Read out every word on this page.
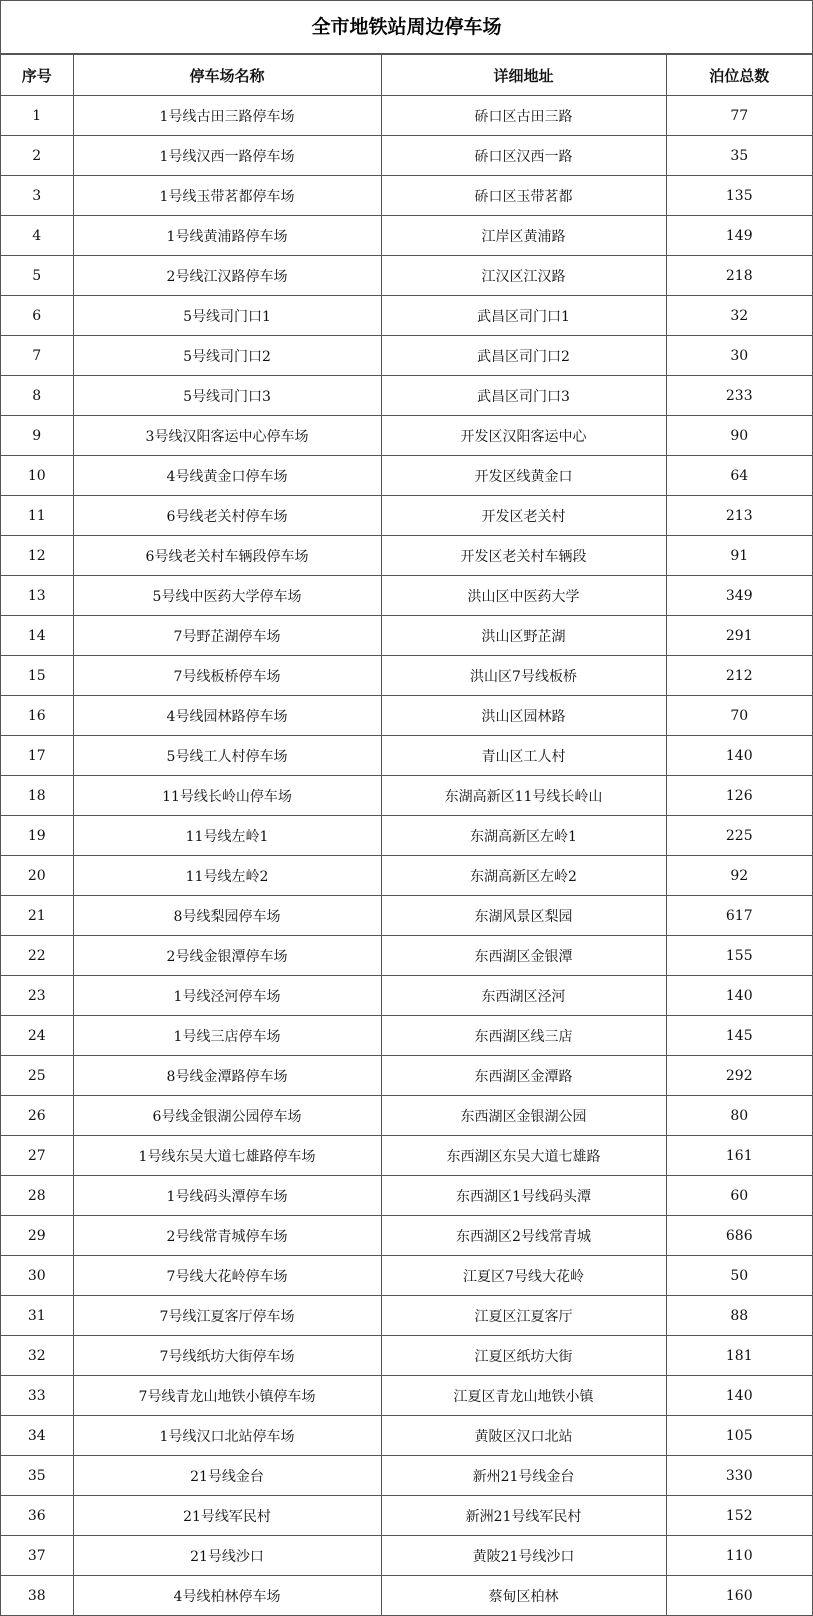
全市地铁站周边停车场
序号	停车场名称	详细地址	泊位总数
1	1号线古田三路停车场	硚口区古田三路	77
2	1号线汉西一路停车场	硚口区汉西一路	35
3	1号线玉带茗都停车场	硚口区玉带茗都	135
4	1号线黄浦路停车场	江岸区黄浦路	149
5	2号线江汉路停车场	江汉区江汉路	218
6	5号线司门口1	武昌区司门口1	32
7	5号线司门口2	武昌区司门口2	30
8	5号线司门口3	武昌区司门口3	233
9	3号线汉阳客运中心停车场	开发区汉阳客运中心	90
10	4号线黄金口停车场	开发区线黄金口	64
11	6号线老关村停车场	开发区老关村	213
12	6号线老关村车辆段停车场	开发区老关村车辆段	91
13	5号线中医药大学停车场	洪山区中医药大学	349
14	7号野芷湖停车场	洪山区野芷湖	291
15	7号线板桥停车场	洪山区7号线板桥	212
16	4号线园林路停车场	洪山区园林路	70
17	5号线工人村停车场	青山区工人村	140
18	11号线长岭山停车场	东湖高新区11号线长岭山	126
19	11号线左岭1	东湖高新区左岭1	225
20	11号线左岭2	东湖高新区左岭2	92
21	8号线梨园停车场	东湖风景区梨园	617
22	2号线金银潭停车场	东西湖区金银潭	155
23	1号线泾河停车场	东西湖区泾河	140
24	1号线三店停车场	东西湖区线三店	145
25	8号线金潭路停车场	东西湖区金潭路	292
26	6号线金银湖公园停车场	东西湖区金银湖公园	80
27	1号线东吴大道七雄路停车场	东西湖区东吴大道七雄路	161
28	1号线码头潭停车场	东西湖区1号线码头潭	60
29	2号线常青城停车场	东西湖区2号线常青城	686
30	7号线大花岭停车场	江夏区7号线大花岭	50
31	7号线江夏客厅停车场	江夏区江夏客厅	88
32	7号线纸坊大街停车场	江夏区纸坊大街	181
33	7号线青龙山地铁小镇停车场	江夏区青龙山地铁小镇	140
34	1号线汉口北站停车场	黄陂区汉口北站	105
35	21号线金台	新州21号线金台	330
36	21号线军民村	新洲21号线军民村	152
37	21号线沙口	黄陂21号线沙口	110
38	4号线柏林停车场	蔡甸区柏林	160
